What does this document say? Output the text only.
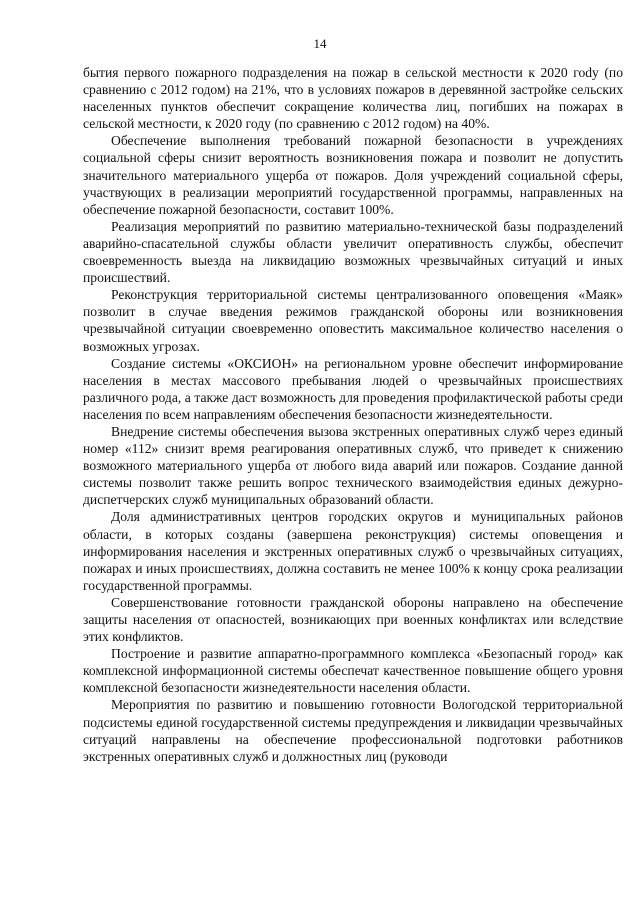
14

бытия первого пожарного подразделения на пожар в сельской местности к 2020 гоdу (по сравнению с 2012 годом) на 21%, что в условиях пожаров в деревянной застройке сельских населенных пунктов обеспечит сокращение количества лиц, погибших на пожарах в сельской местности, к 2020 году (по сравнению с 2012 годом) на 40%.

Обеспечение выполнения требований пожарной безопасности в учреждениях социальной сферы снизит вероятность возникновения пожара и позволит не допустить значительного материального ущерба от пожаров. Доля учреждений социальной сферы, участвующих в реализации мероприятий государственной программы, направленных на обеспечение пожарной безопасности, составит 100%.

Реализация мероприятий по развитию материально-технической базы подразделений аварийно-спасательной службы области увеличит оперативность службы, обеспечит своевременность выезда на ликвидацию возможных чрезвычайных ситуаций и иных происшествий.

Реконструкция территориальной системы централизованного оповещения «Маяк» позволит в случае введения режимов гражданской обороны или возникновения чрезвычайной ситуации своевременно оповестить максимальное количество населения о возможных угрозах.

Создание системы «ОКСИОН» на региональном уровне обеспечит информирование населения в местах массового пребывания людей о чрезвычайных происшествиях различного рода, а также даст возможность для проведения профилактической работы среди населения по всем направлениям обеспечения безопасности жизнедеятельности.

Внедрение системы обеспечения вызова экстренных оперативных служб через единый номер «112» снизит время реагирования оперативных служб, что приведет к снижению возможного материального ущерба от любого вида аварий или пожаров. Создание данной системы позволит также решить вопрос технического взаимодействия единых дежурно-диспетчерских служб муниципальных образований области.

Доля административных центров городских округов и муниципальных районов области, в которых созданы (завершена реконструкция) системы оповещения и информирования населения и экстренных оперативных служб о чрезвычайных ситуациях, пожарах и иных происшествиях, должна составить не менее 100% к концу срока реализации государственной программы.

Совершенствование готовности гражданской обороны направлено на обеспечение защиты населения от опасностей, возникающих при военных конфликтах или вследствие этих конфликтов.

Построение и развитие аппаратно-программного комплекса «Безопасный город» как комплексной информационной системы обеспечат качественное повышение общего уровня комплексной безопасности жизнедеятельности населения области.

Мероприятия по развитию и повышению готовности Вологодской территориальной подсистемы единой государственной системы предупреждения и ликвидации чрезвычайных ситуаций направлены на обеспечение профессиональной подготовки работников экстренных оперативных служб и должностных лиц (руководи
